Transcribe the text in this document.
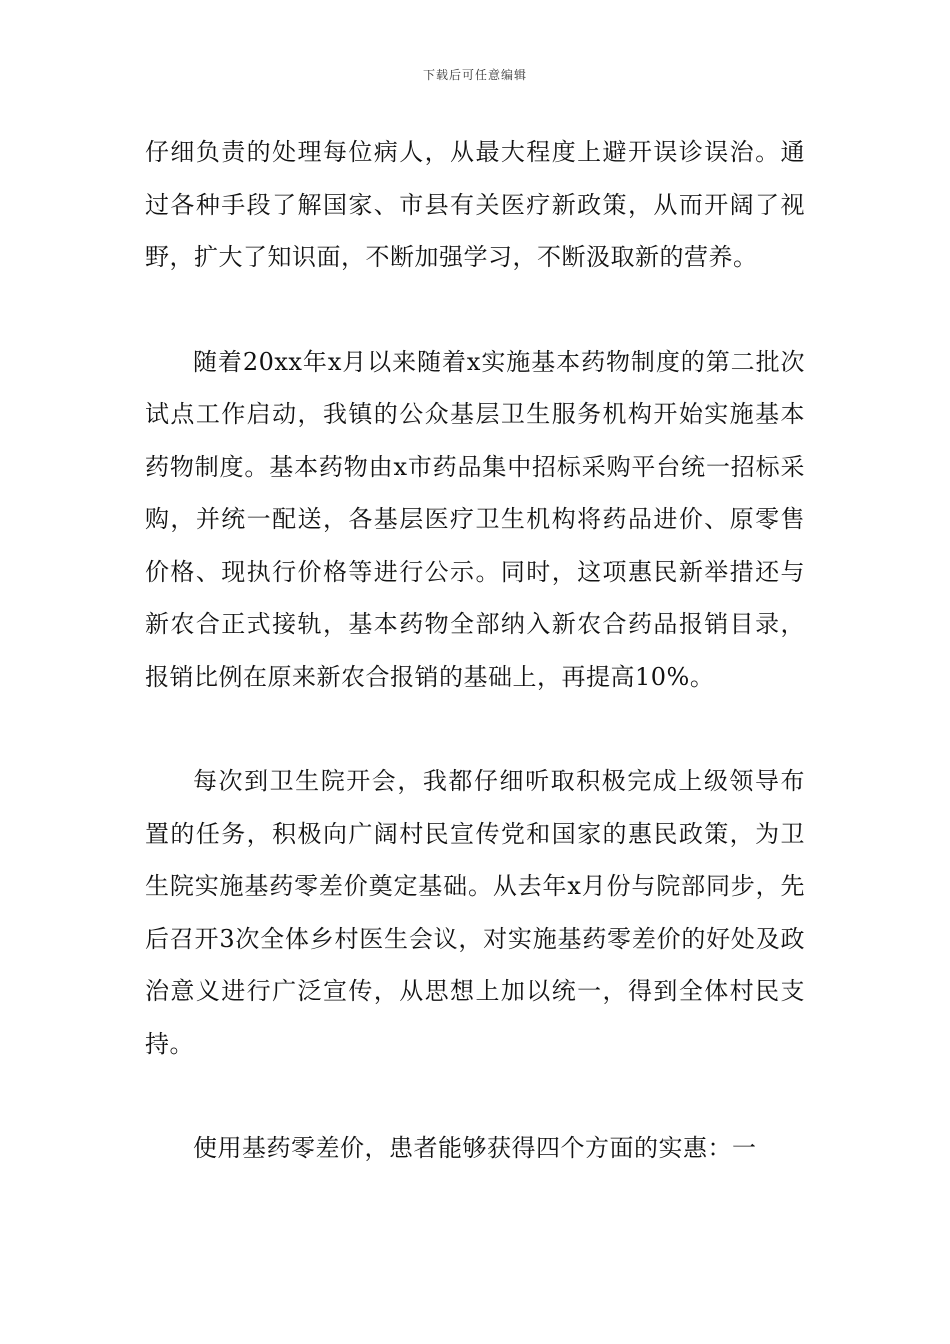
下载后可任意编辑

仔细负责的处理每位病人，从最大程度上避开误诊误治。通过各种手段了解国家、市县有关医疗新政策，从而开阔了视野，扩大了知识面，不断加强学习，不断汲取新的营养。

随着20xx年x月以来随着x实施基本药物制度的第二批次试点工作启动，我镇的公众基层卫生服务机构开始实施基本药物制度。基本药物由x市药品集中招标采购平台统一招标采购，并统一配送，各基层医疗卫生机构将药品进价、原零售价格、现执行价格等进行公示。同时，这项惠民新举措还与新农合正式接轨，基本药物全部纳入新农合药品报销目录，报销比例在原来新农合报销的基础上，再提高10%。

每次到卫生院开会，我都仔细听取积极完成上级领导布置的任务，积极向广阔村民宣传党和国家的惠民政策，为卫生院实施基药零差价奠定基础。从去年x月份与院部同步，先后召开3次全体乡村医生会议，对实施基药零差价的好处及政治意义进行广泛宣传，从思想上加以统一，得到全体村民支持。

使用基药零差价，患者能够获得四个方面的实惠：一
